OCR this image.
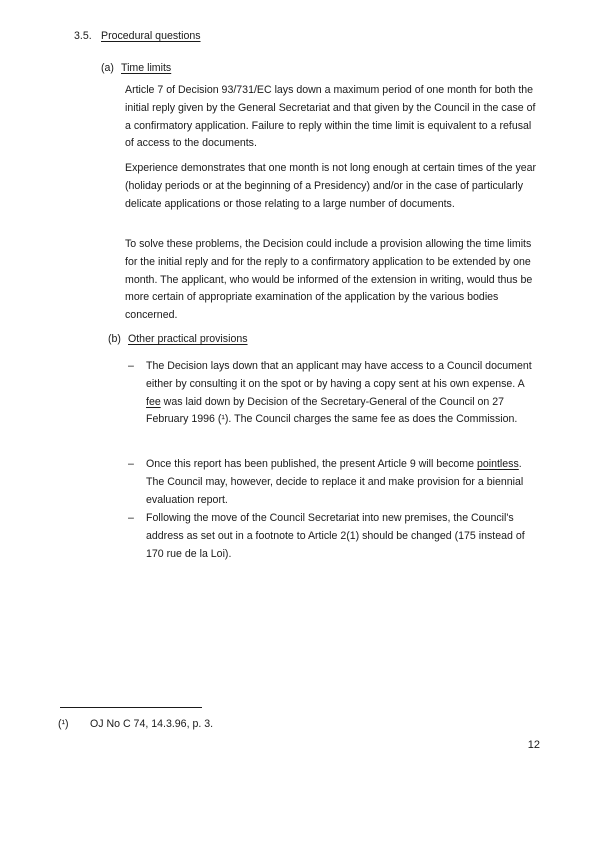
3.5. Procedural questions
(a) Time limits

Article 7 of Decision 93/731/EC lays down a maximum period of one month for both the initial reply given by the General Secretariat and that given by the Council in the case of a confirmatory application. Failure to reply within the time limit is equivalent to a refusal of access to the documents.

Experience demonstrates that one month is not long enough at certain times of the year (holiday periods or at the beginning of a Presidency) and/or in the case of particularly delicate applications or those relating to a large number of documents.

To solve these problems, the Decision could include a provision allowing the time limits for the initial reply and for the reply to a confirmatory application to be extended by one month. The applicant, who would be informed of the extension in writing, would thus be more certain of appropriate examination of the application by the various bodies concerned.

(b) Other practical provisions
–	The Decision lays down that an applicant may have access to a Council document either by consulting it on the spot or by having a copy sent at his own expense. A fee was laid down by Decision of the Secretary-General of the Council on 27 February 1996 (¹). The Council charges the same fee as does the Commission.

–	Once this report has been published, the present Article 9 will become pointless. The Council may, however, decide to replace it and make provision for a biennial evaluation report.

–	Following the move of the Council Secretariat into new premises, the Council's address as set out in a footnote to Article 2(1) should be changed (175 instead of 170 rue de la Loi).

(¹) OJ No C 74, 14.3.96, p. 3.
12
